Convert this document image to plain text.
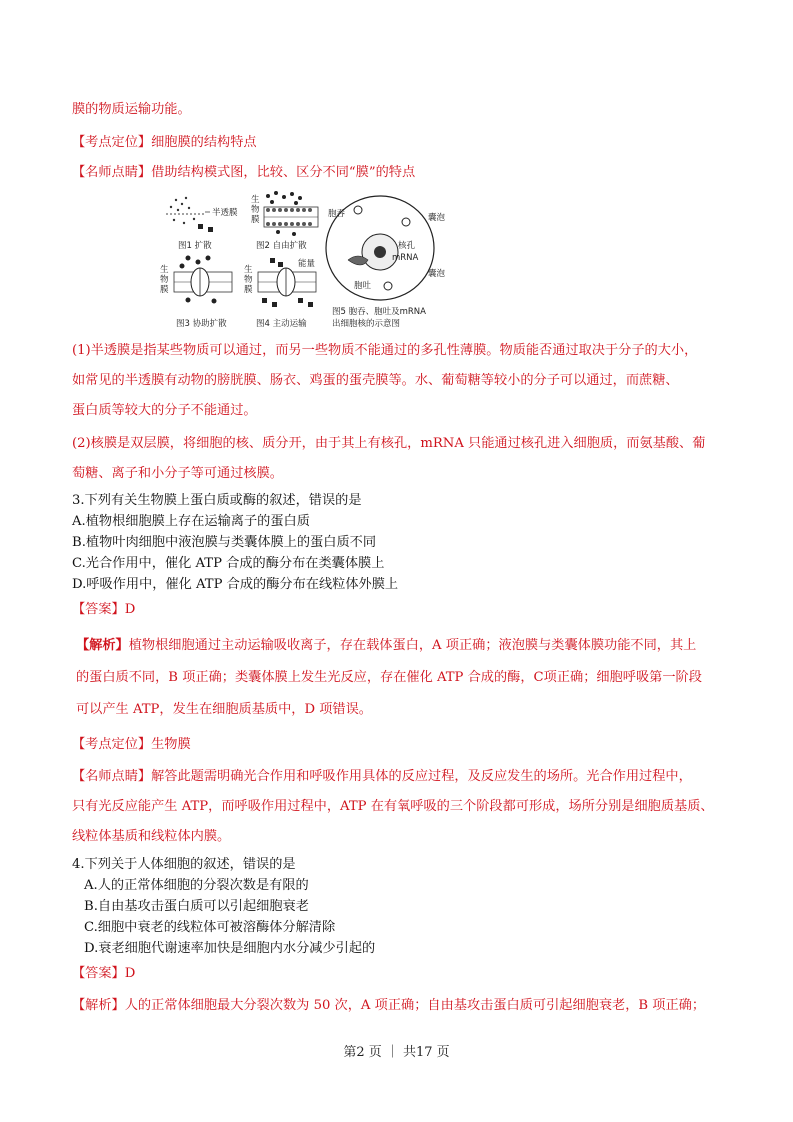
膜的物质运输功能。
【考点定位】细胞膜的结构特点
【名师点睛】借助结构模式图，比较、区分不同“膜”的特点
半透膜
图1 扩散
生
物
膜
图2 自由扩散
生
物
膜
图3 协助扩散
生
物
膜
能量
图4 主动运输
胞吞	囊泡
核孔
mRNA
囊泡
胞吐
图5 胞吞、胞吐及mRNA
出细胞核的示意图
(1)半透膜是指某些物质可以通过，而另一些物质不能通过的多孔性薄膜。物质能否通过取决于分子的大小，
如常见的半透膜有动物的膀胱膜、肠衣、鸡蛋的蛋壳膜等。水、葡萄糖等较小的分子可以通过，而蔗糖、
蛋白质等较大的分子不能通过。
(2)核膜是双层膜，将细胞的核、质分开，由于其上有核孔，mRNA 只能通过核孔进入细胞质，而氨基酸、葡
萄糖、离子和小分子等可通过核膜。
3.下列有关生物膜上蛋白质或酶的叙述，错误的是
A.植物根细胞膜上存在运输离子的蛋白质
B.植物叶肉细胞中液泡膜与类囊体膜上的蛋白质不同
C.光合作用中，催化 ATP 合成的酶分布在类囊体膜上
D.呼吸作用中，催化 ATP 合成的酶分布在线粒体外膜上
【答案】D
【解析】植物根细胞通过主动运输吸收离子，存在载体蛋白，A 项正确；液泡膜与类囊体膜功能不同，其上
的蛋白质不同，B 项正确；类囊体膜上发生光反应，存在催化 ATP 合成的酶，C项正确；细胞呼吸第一阶段
可以产生 ATP，发生在细胞质基质中，D 项错误。
【考点定位】生物膜
【名师点睛】解答此题需明确光合作用和呼吸作用具体的反应过程，及反应发生的场所。光合作用过程中，
只有光反应能产生 ATP，而呼吸作用过程中，ATP 在有氧呼吸的三个阶段都可形成，场所分别是细胞质基质、
线粒体基质和线粒体内膜。
4.下列关于人体细胞的叙述，错误的是
A.人的正常体细胞的分裂次数是有限的
B.自由基攻击蛋白质可以引起细胞衰老
C.细胞中衰老的线粒体可被溶酶体分解清除
D.衰老细胞代谢速率加快是细胞内水分减少引起的
【答案】D
【解析】人的正常体细胞最大分裂次数为 50 次，A 项正确；自由基攻击蛋白质可引起细胞衰老，B 项正确；
第2 页 ｜ 共17 页
